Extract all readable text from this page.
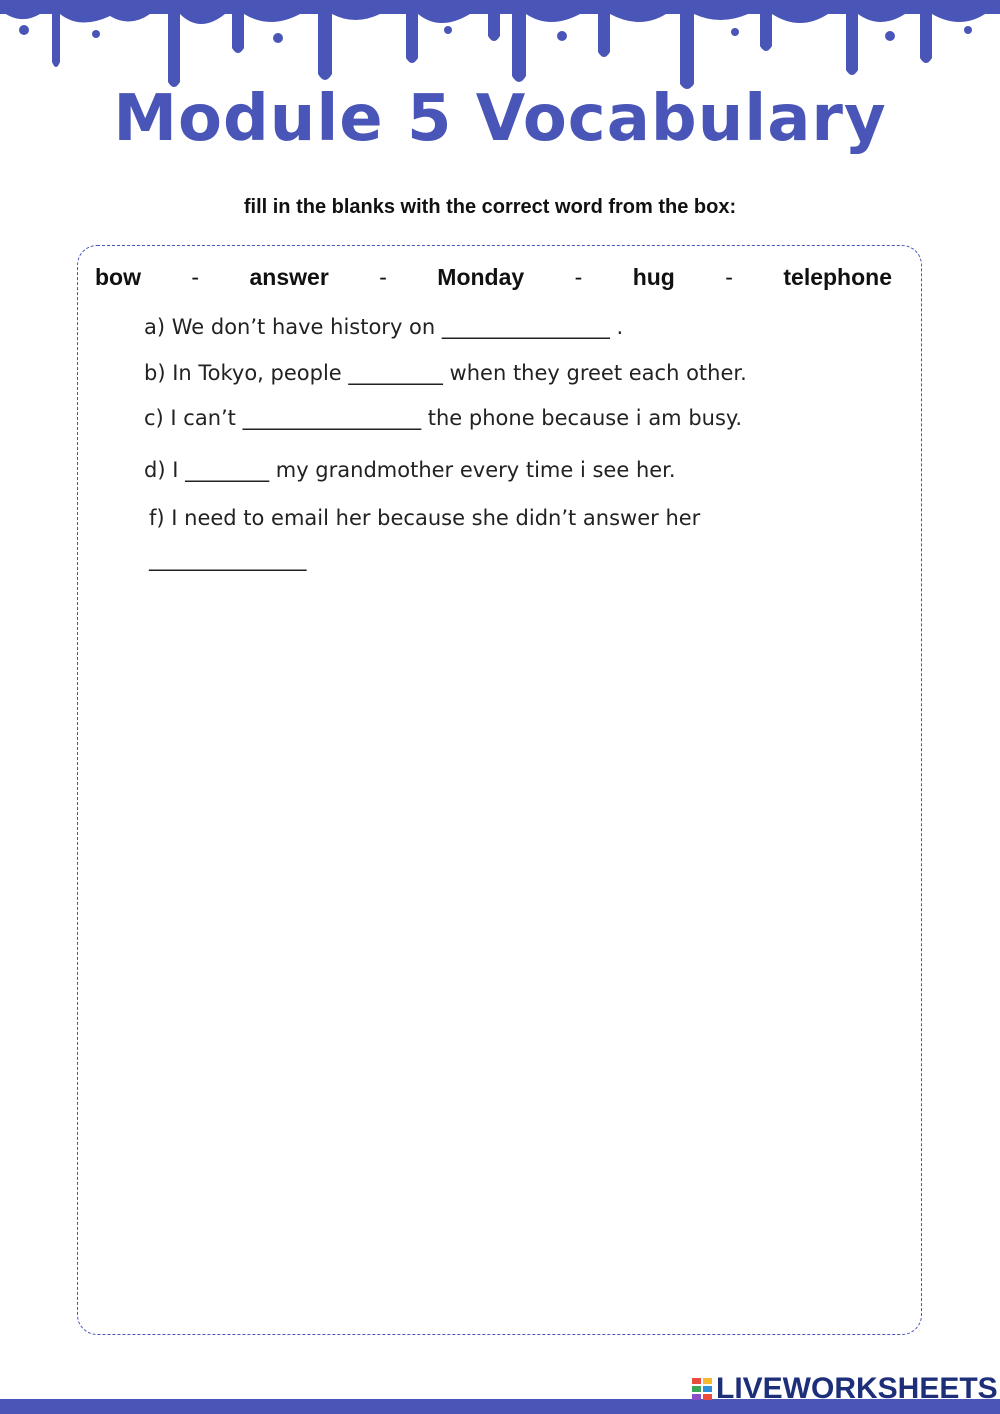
Module 5 Vocabulary
fill in the blanks with the correct word from the box:
bow - answer - Monday - hug - telephone
a) We don’t have history on ________________ .
b) In Tokyo, people _________ when they greet each other.
c) I can’t _________________ the phone because i am busy.
d) I ________ my grandmother every time i see her.
f) I need to email her because she didn’t answer her
_______________
LIVEWORKSHEETS
